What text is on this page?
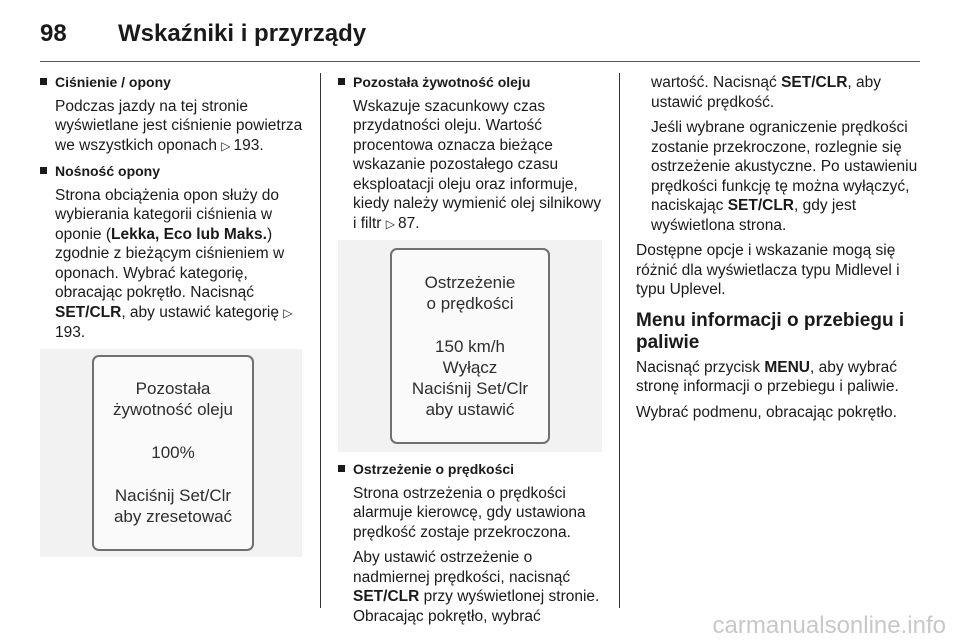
98	Wskaźniki i przyrządy
Ciśnienie / opony
Podczas jazdy na tej stronie wyświetlane jest ciśnienie powietrza we wszystkich oponach ▷ 193.
Nośność opony
Strona obciążenia opon służy do wybierania kategorii ciśnienia w oponie (Lekka, Eco lub Maks.) zgodnie z bieżącym ciśnieniem w oponach. Wybrać kategorię, obracając pokrętło. Nacisnąć SET/CLR, aby ustawić kategorię ▷193.
Pozostała
żywotność oleju
100%
Naciśnij Set/Clr
aby zresetować
Pozostała żywotność oleju
Wskazuje szacunkowy czas przydatności oleju. Wartość procentowa oznacza bieżące wskazanie pozostałego czasu eksploatacji oleju oraz informuje, kiedy należy wymienić olej silnikowy i filtr ▷ 87.
Ostrzeżenie
o prędkości
150 km/h
Wyłącz
Naciśnij Set/Clr
aby ustawić
Ostrzeżenie o prędkości
Strona ostrzeżenia o prędkości alarmuje kierowcę, gdy ustawiona prędkość zostaje przekroczona.
Aby ustawić ostrzeżenie o nadmiernej prędkości, nacisnąć SET/CLR przy wyświetlonej stronie. Obracając pokrętło, wybrać
wartość. Nacisnąć SET/CLR, aby ustawić prędkość.
Jeśli wybrane ograniczenie prędkości zostanie przekroczone, rozlegnie się ostrzeżenie akustyczne. Po ustawieniu prędkości funkcję tę można wyłączyć, naciskając SET/CLR, gdy jest wyświetlona strona.
Dostępne opcje i wskazanie mogą się różnić dla wyświetlacza typu Midlevel i typu Uplevel.
Menu informacji o przebiegu i paliwie
Nacisnąć przycisk MENU, aby wybrać stronę informacji o przebiegu i paliwie.
Wybrać podmenu, obracając pokrętło.
carmanualsonline.info
